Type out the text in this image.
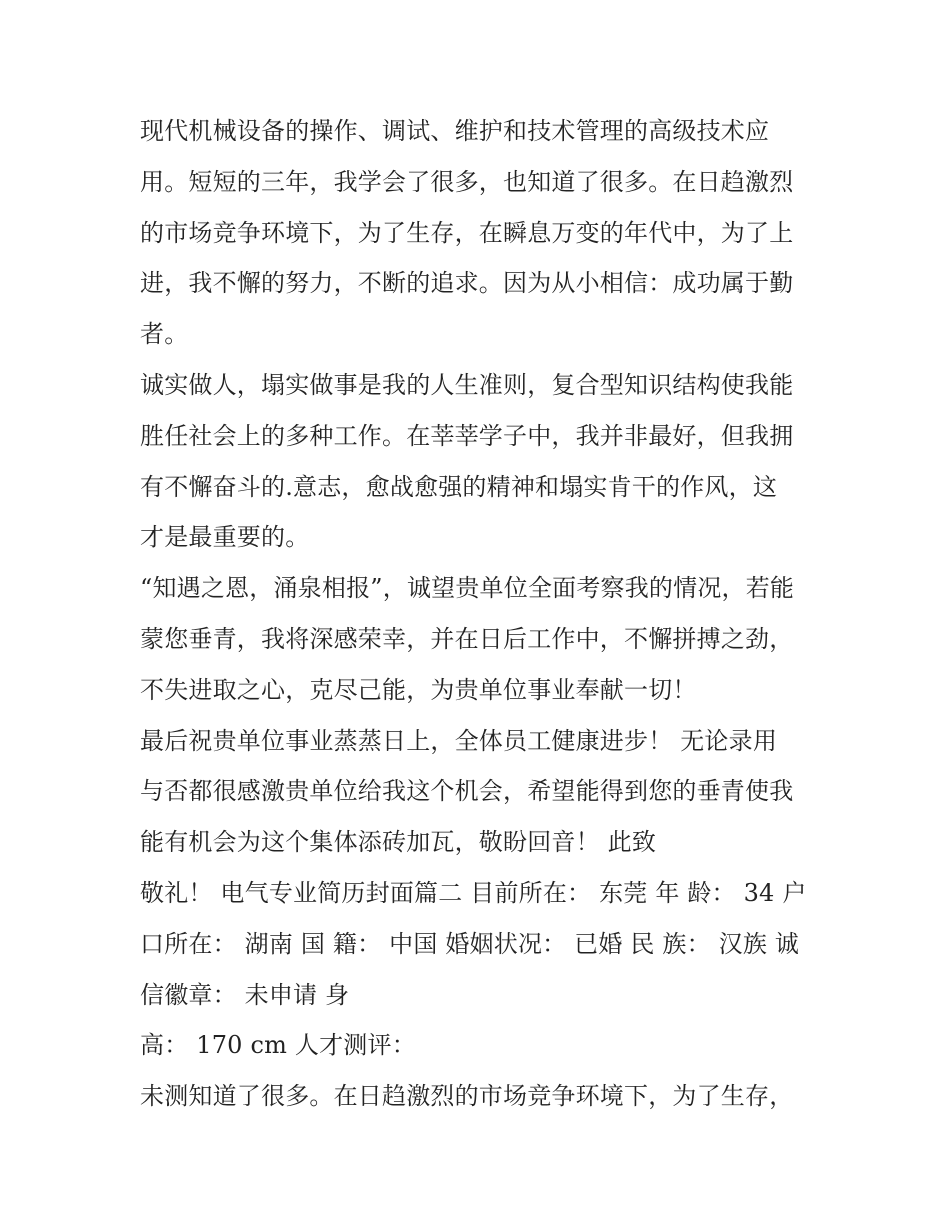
现代机械设备的操作、调试、维护和技术管理的高级技术应
用。短短的三年，我学会了很多，也知道了很多。在日趋激烈
的市场竞争环境下，为了生存，在瞬息万变的年代中，为了上
进，我不懈的努力，不断的追求。因为从小相信：成功属于勤
者。
诚实做人，塌实做事是我的人生准则，复合型知识结构使我能
胜任社会上的多种工作。在莘莘学子中，我并非最好，但我拥
有不懈奋斗的.意志，愈战愈强的精神和塌实肯干的作风，这
才是最重要的。
“知遇之恩，涌泉相报”，诚望贵单位全面考察我的情况，若能
蒙您垂青，我将深感荣幸，并在日后工作中，不懈拼搏之劲，
不失进取之心，克尽己能，为贵单位事业奉献一切！
最后祝贵单位事业蒸蒸日上，全体员工健康进步！ 无论录用
与否都很感激贵单位给我这个机会，希望能得到您的垂青使我
能有机会为这个集体添砖加瓦，敬盼回音！ 此致
敬礼！ 电气专业简历封面篇二 目前所在： 东莞 年 龄： 34 户
口所在： 湖南 国 籍： 中国 婚姻状况： 已婚 民 族： 汉族 诚
信徽章： 未申请 身
高： 170 cm 人才测评：
未测知道了很多。在日趋激烈的市场竞争环境下，为了生存，
